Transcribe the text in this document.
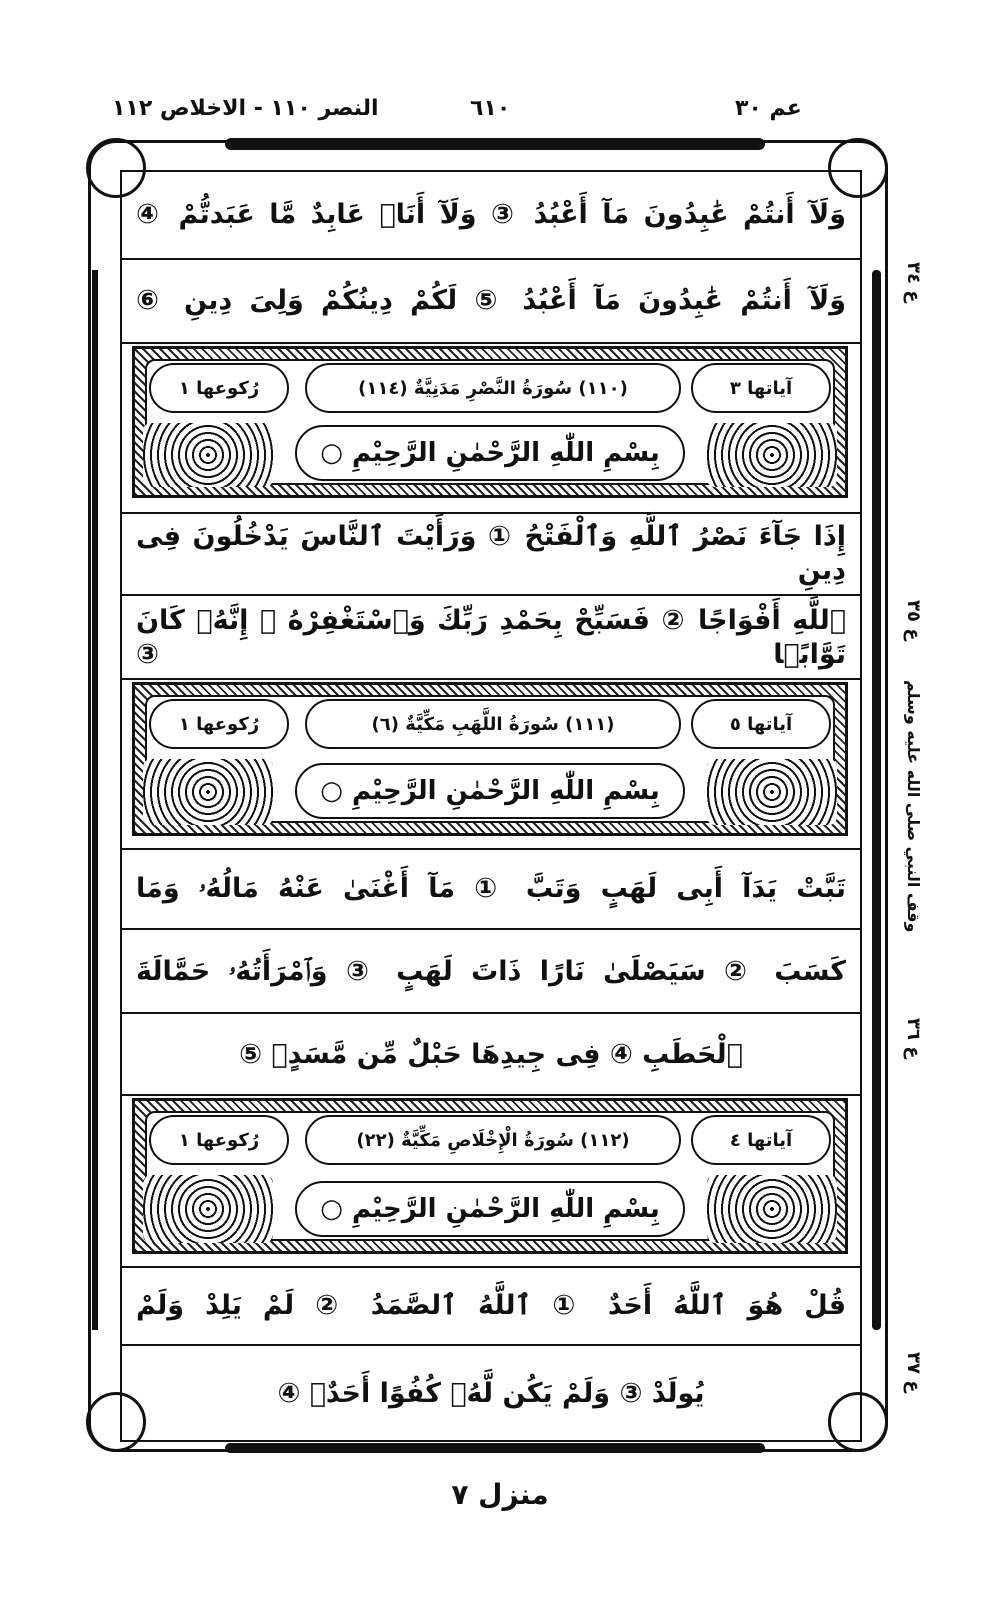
النصر ١١٠ - الاخلاص ١١٢	٦١٠	عم ٣٠
وَلَآ أَنتُمْ عَٰبِدُونَ مَآ أَعْبُدُ ③ وَلَآ أَنَا۠ عَابِدٌ مَّا عَبَدتُّمْ ④
وَلَآ أَنتُمْ عَٰبِدُونَ مَآ أَعْبُدُ ⑤ لَكُمْ دِينُكُمْ وَلِىَ دِينِ ⑥
آياتها ٣
(١١٠) سُورَةُ النَّصْرِ مَدَنِيَّةٌ (١١٤)
رُكوعها ١
بِسْمِ اللّٰهِ الرَّحْمٰنِ الرَّحِيْمِ ○
إِذَا جَآءَ نَصْرُ ٱللَّهِ وَٱلْفَتْحُ ① وَرَأَيْتَ ٱلنَّاسَ يَدْخُلُونَ فِى دِينِ
ٱللَّهِ أَفْوَاجًا ② فَسَبِّحْ بِحَمْدِ رَبِّكَ وَٱسْتَغْفِرْهُ ۚ إِنَّهُۥ كَانَ تَوَّابًۢا ③
آياتها ٥
(١١١) سُورَةُ اللَّهَبِ مَكِّيَّةٌ (٦)
رُكوعها ١
بِسْمِ اللّٰهِ الرَّحْمٰنِ الرَّحِيْمِ ○
تَبَّتْ يَدَآ أَبِى لَهَبٍ وَتَبَّ ① مَآ أَغْنَىٰ عَنْهُ مَالُهُۥ وَمَا
كَسَبَ ② سَيَصْلَىٰ نَارًا ذَاتَ لَهَبٍ ③ وَٱمْرَأَتُهُۥ حَمَّالَةَ
ٱلْحَطَبِ ④ فِى جِيدِهَا حَبْلٌ مِّن مَّسَدٍۭ ⑤
آياتها ٤
(١١٢) سُورَةُ الْإِخْلَاصِ مَكِّيَّةٌ (٢٢)
رُكوعها ١
بِسْمِ اللّٰهِ الرَّحْمٰنِ الرَّحِيْمِ ○
قُلْ هُوَ ٱللَّهُ أَحَدٌ ① ٱللَّهُ ٱلصَّمَدُ ② لَمْ يَلِدْ وَلَمْ
يُولَدْ ③ وَلَمْ يَكُن لَّهُۥ كُفُوًا أَحَدٌۢ ④
ع ٣٤
ع ٣٥
وقف النبي صلى الله عليه وسلم
ع ٣٦
ع ٣٧
منزل ٧
